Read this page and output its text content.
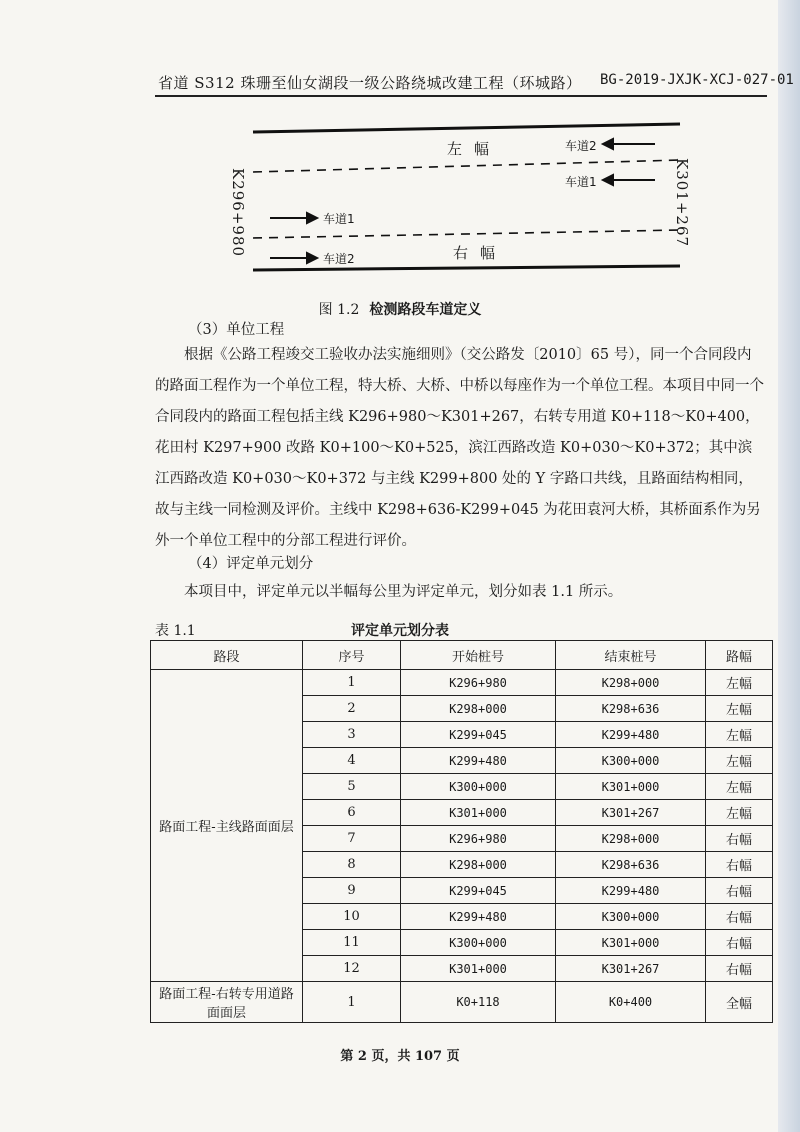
省道 S312 珠珊至仙女湖段一级公路绕城改建工程（环城路） BG-2019-JXJK-XCJ-027-01
K296+980	K301+267
左幅
右幅
车道2
车道1
车道1
车道2
图 1.2 检测路段车道定义
（3）单位工程
根据《公路工程竣交工验收办法实施细则》（交公路发〔2010〕65 号），同一个合同段内的路面工程作为一个单位工程，特大桥、大桥、中桥以每座作为一个单位工程。本项目中同一个合同段内的路面工程包括主线 K296+980～K301+267，右转专用道 K0+118～K0+400，花田村 K297+900 改路 K0+100～K0+525，滨江西路改造 K0+030～K0+372；其中滨江西路改造 K0+030～K0+372 与主线 K299+800 处的 Y 字路口共线，且路面结构相同，故与主线一同检测及评价。主线中 K298+636-K299+045 为花田袁河大桥，其桥面系作为另外一个单位工程中的分部工程进行评价。
（4）评定单元划分
本项目中，评定单元以半幅每公里为评定单元，划分如表 1.1 所示。
表 1.1	评定单元划分表
路段	序号	开始桩号	结束桩号	路幅
路面工程-主线路面面层	1	K296+980	K298+000	左幅
	2	K298+000	K298+636	左幅
	3	K299+045	K299+480	左幅
	4	K299+480	K300+000	左幅
	5	K300+000	K301+000	左幅
	6	K301+000	K301+267	左幅
	7	K296+980	K298+000	右幅
	8	K298+000	K298+636	右幅
	9	K299+045	K299+480	右幅
	10	K299+480	K300+000	右幅
	11	K300+000	K301+000	右幅
	12	K301+000	K301+267	右幅
路面工程-右转专用道路面面层	1	K0+118	K0+400	全幅
第 2 页，共 107 页
